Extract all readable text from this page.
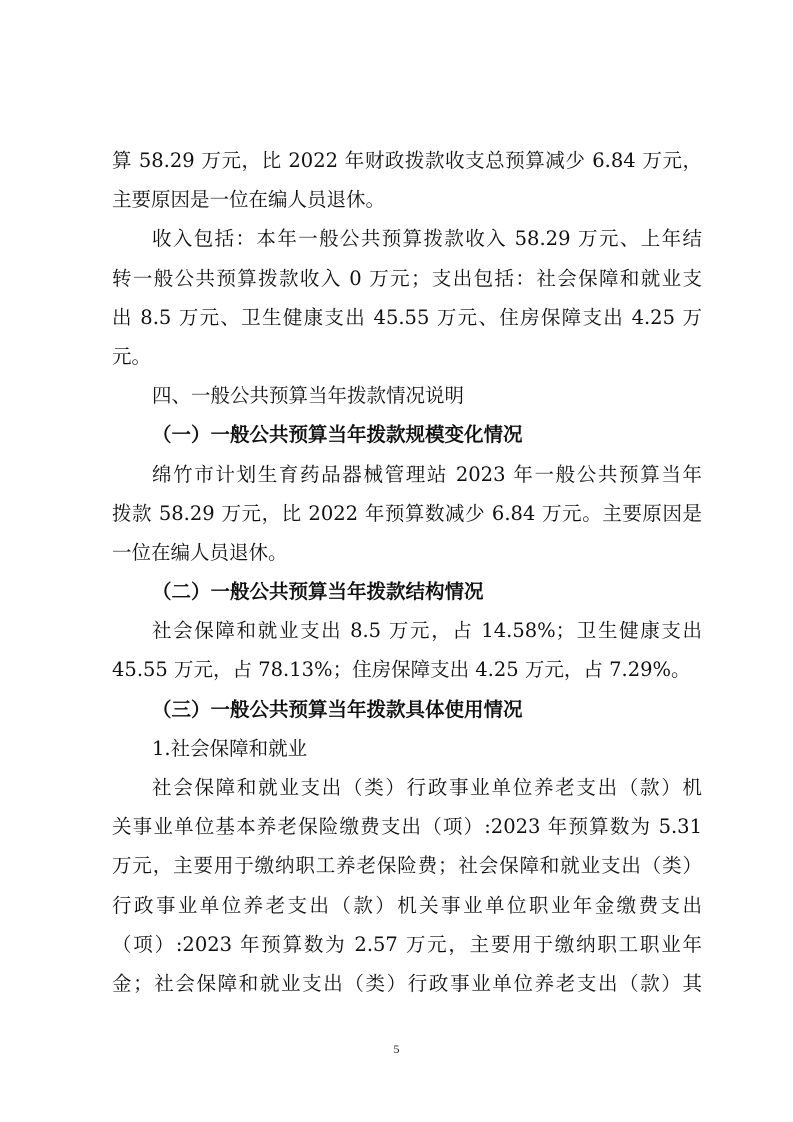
算 58.29 万元，比 2022 年财政拨款收支总预算减少 6.84 万元，
主要原因是一位在编人员退休。
收入包括：本年一般公共预算拨款收入 58.29 万元、上年结
转一般公共预算拨款收入 0 万元；支出包括：社会保障和就业支
出 8.5 万元、卫生健康支出 45.55 万元、住房保障支出 4.25 万
元。
四、一般公共预算当年拨款情况说明
（一）一般公共预算当年拨款规模变化情况
绵竹市计划生育药品器械管理站 2023 年一般公共预算当年
拨款 58.29 万元，比 2022 年预算数减少 6.84 万元。主要原因是
一位在编人员退休。
（二）一般公共预算当年拨款结构情况
社会保障和就业支出 8.5 万元，占 14.58%；卫生健康支出
45.55 万元，占 78.13%；住房保障支出 4.25 万元，占 7.29%。
（三）一般公共预算当年拨款具体使用情况
1.社会保障和就业
社会保障和就业支出（类）行政事业单位养老支出（款）机
关事业单位基本养老保险缴费支出（项）:2023 年预算数为 5.31
万元，主要用于缴纳职工养老保险费；社会保障和就业支出（类）
行政事业单位养老支出（款）机关事业单位职业年金缴费支出
（项）:2023 年预算数为 2.57 万元，主要用于缴纳职工职业年
金；社会保障和就业支出（类）行政事业单位养老支出（款）其
5
